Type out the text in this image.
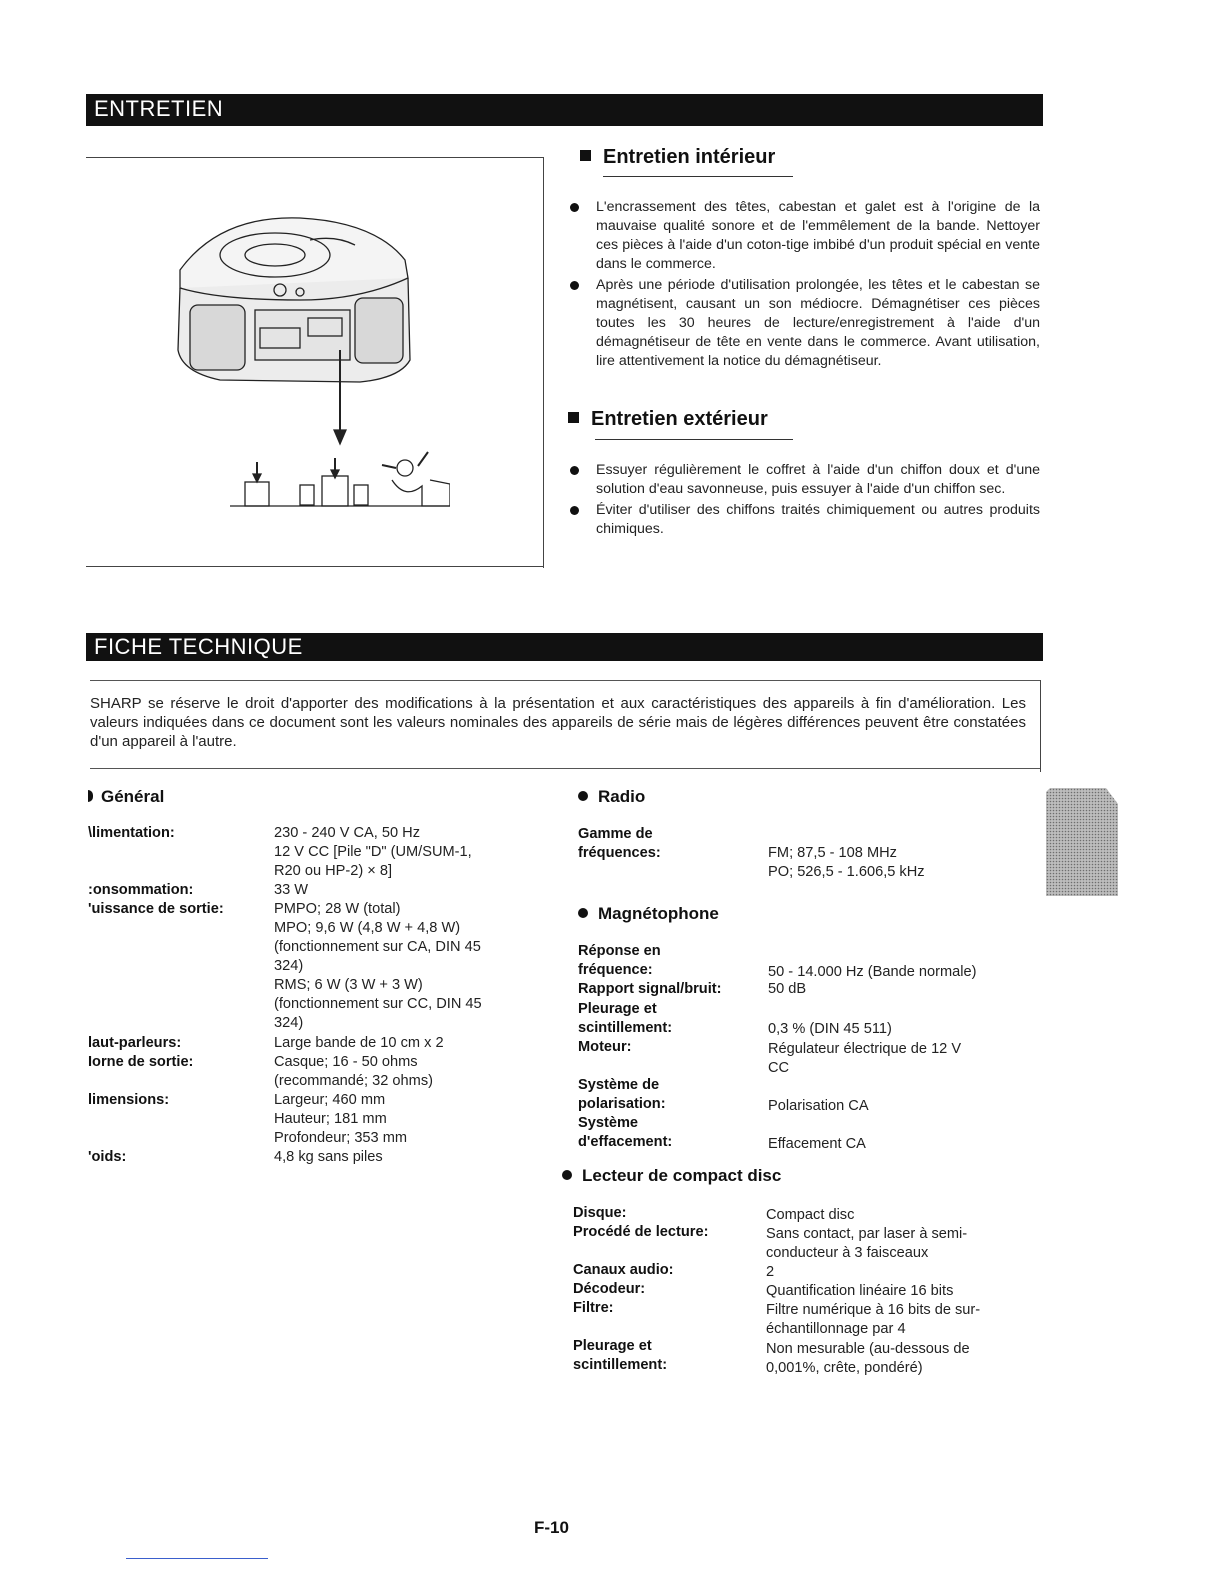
ENTRETIEN
Entretien intérieur
L'encrassement des têtes, cabestan et galet est à l'origine de la mauvaise qualité sonore et de l'emmêlement de la bande. Nettoyer ces pièces à l'aide d'un coton-tige imbibé d'un produit spécial en vente dans le commerce.
Après une période d'utilisation prolongée, les têtes et le cabestan se magnétisent, causant un son médiocre. Démagnétiser ces pièces toutes les 30 heures de lecture/enregistrement à l'aide d'un démagnétiseur de tête en vente dans le commerce. Avant utilisation, lire attentivement la notice du démagnétiseur.
Entretien extérieur
Essuyer régulièrement le coffret à l'aide d'un chiffon doux et d'une solution d'eau savonneuse, puis essuyer à l'aide d'un chiffon sec.
Éviter d'utiliser des chiffons traités chimiquement ou autres produits chimiques.
FICHE TECHNIQUE
SHARP se réserve le droit d'apporter des modifications à la présentation et aux caractéristiques des appareils à fin d'amélioration. Les valeurs indiquées dans ce document sont les valeurs nominales des appareils de série mais de légères différences peuvent être constatées d'un appareil à l'autre.
Général
\limentation:	230 - 240 V CA, 50 Hz
12 V CC [Pile "D" (UM/SUM-1,
R20 ou HP-2) × 8]
:onsommation:	33 W
'uissance de sortie:	PMPO; 28 W (total)
MPO; 9,6 W (4,8 W + 4,8 W)
(fonctionnement sur CA, DIN 45
324)
RMS; 6 W (3 W + 3 W)
(fonctionnement sur CC, DIN 45
324)
laut-parleurs:	Large bande de 10 cm x 2
Iorne de sortie:	Casque; 16 - 50 ohms
(recommandé; 32 ohms)
limensions:	Largeur; 460 mm
Hauteur; 181 mm
Profondeur; 353 mm
'oids:	4,8 kg sans piles
Radio
Gamme de
fréquences:	
FM; 87,5 - 108 MHz
PO; 526,5 - 1.606,5 kHz
Magnétophone
Réponse en
fréquence:	
50 - 14.000 Hz (Bande normale)
Rapport signal/bruit:	50 dB
Pleurage et
scintillement:	
0,3 % (DIN 45 511)
Moteur:	Régulateur électrique de 12 V
CC
Système de
polarisation:	
Polarisation CA
Système
d'effacement:	
Effacement CA
Lecteur de compact disc
Disque:	Compact disc
Procédé de lecture:	Sans contact, par laser à semi-
conducteur à 3 faisceaux
Canaux audio:	2
Décodeur:	Quantification linéaire 16 bits
Filtre:	Filtre numérique à 16 bits de sur-
échantillonnage par 4
Pleurage et
scintillement:
Non mesurable (au-dessous de
0,001%, crête, pondéré)
F-10
